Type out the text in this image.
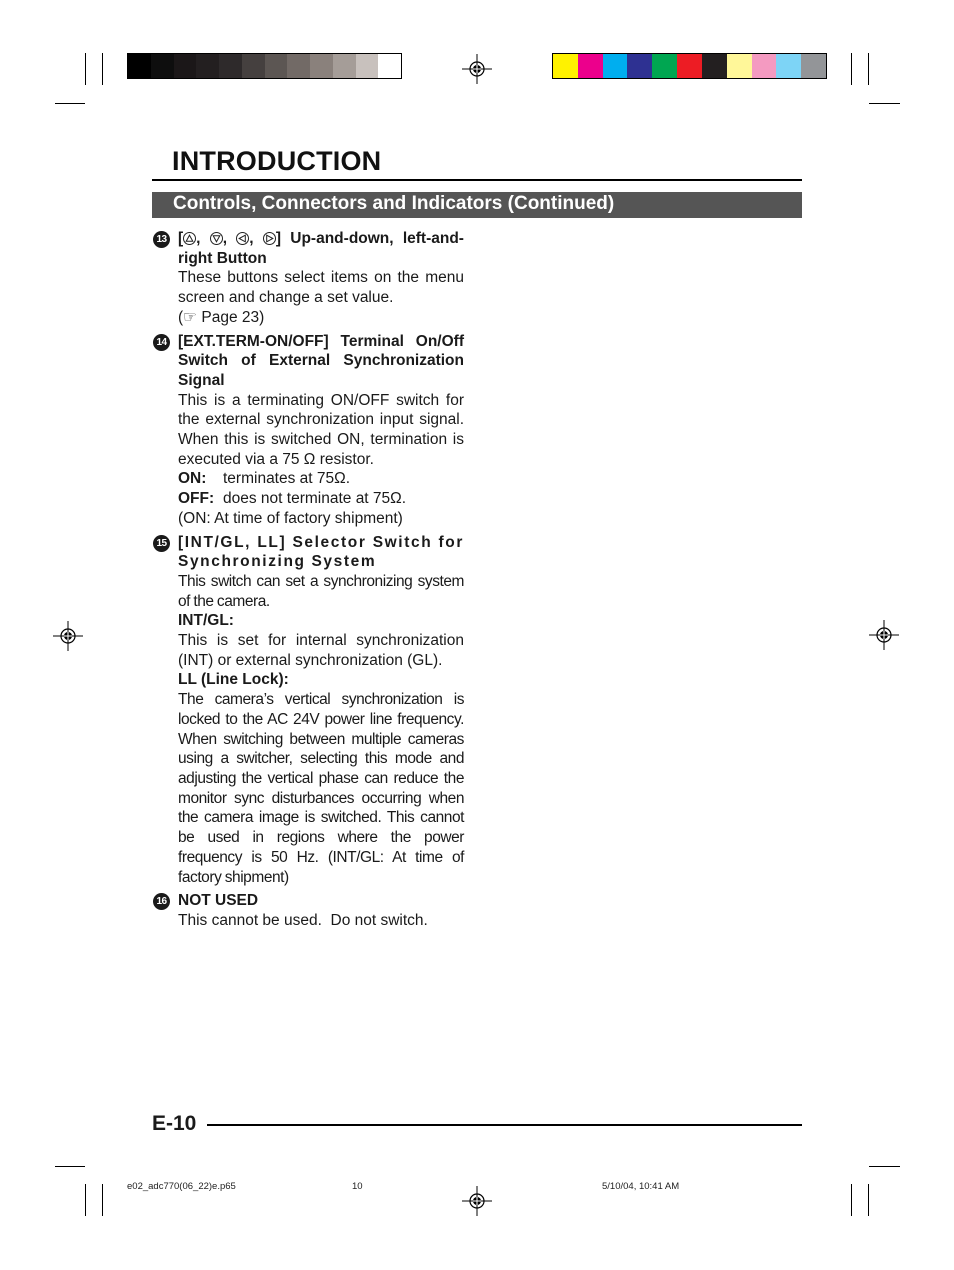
INTRODUCTION
Controls, Connectors and Indicators (Continued)
13 [ ,
,
,
] Up-and-down, left-and-right Button
These buttons select items on the menu screen and change a set value.
(☞ Page 23)
14 [EXT.TERM-ON/OFF] Terminal On/Off Switch of External Synchronization Signal
This is a terminating ON/OFF switch for the external synchronization input signal. When this is switched ON, termination is executed via a 75 Ω resistor.
ON: terminates at 75Ω.
OFF: does not terminate at 75Ω.
(ON: At time of factory shipment)
15 [INT/GL, LL] Selector Switch for Synchronizing System
This switch can set a synchronizing system of the camera.
INT/GL:
This is set for internal synchronization (INT) or external synchronization (GL).
LL (Line Lock):
The camera’s vertical synchronization is locked to the AC 24V power line frequency. When switching between multiple cameras using a switcher, selecting this mode and adjusting the vertical phase can reduce the monitor sync disturbances occurring when the camera image is switched. This cannot be used in regions where the power frequency is 50 Hz. (INT/GL: At time of factory shipment)
16 NOT USED
This cannot be used.  Do not switch.
E-10
e02_adc770(06_22)e.p65	10	5/10/04, 10:41 AM
